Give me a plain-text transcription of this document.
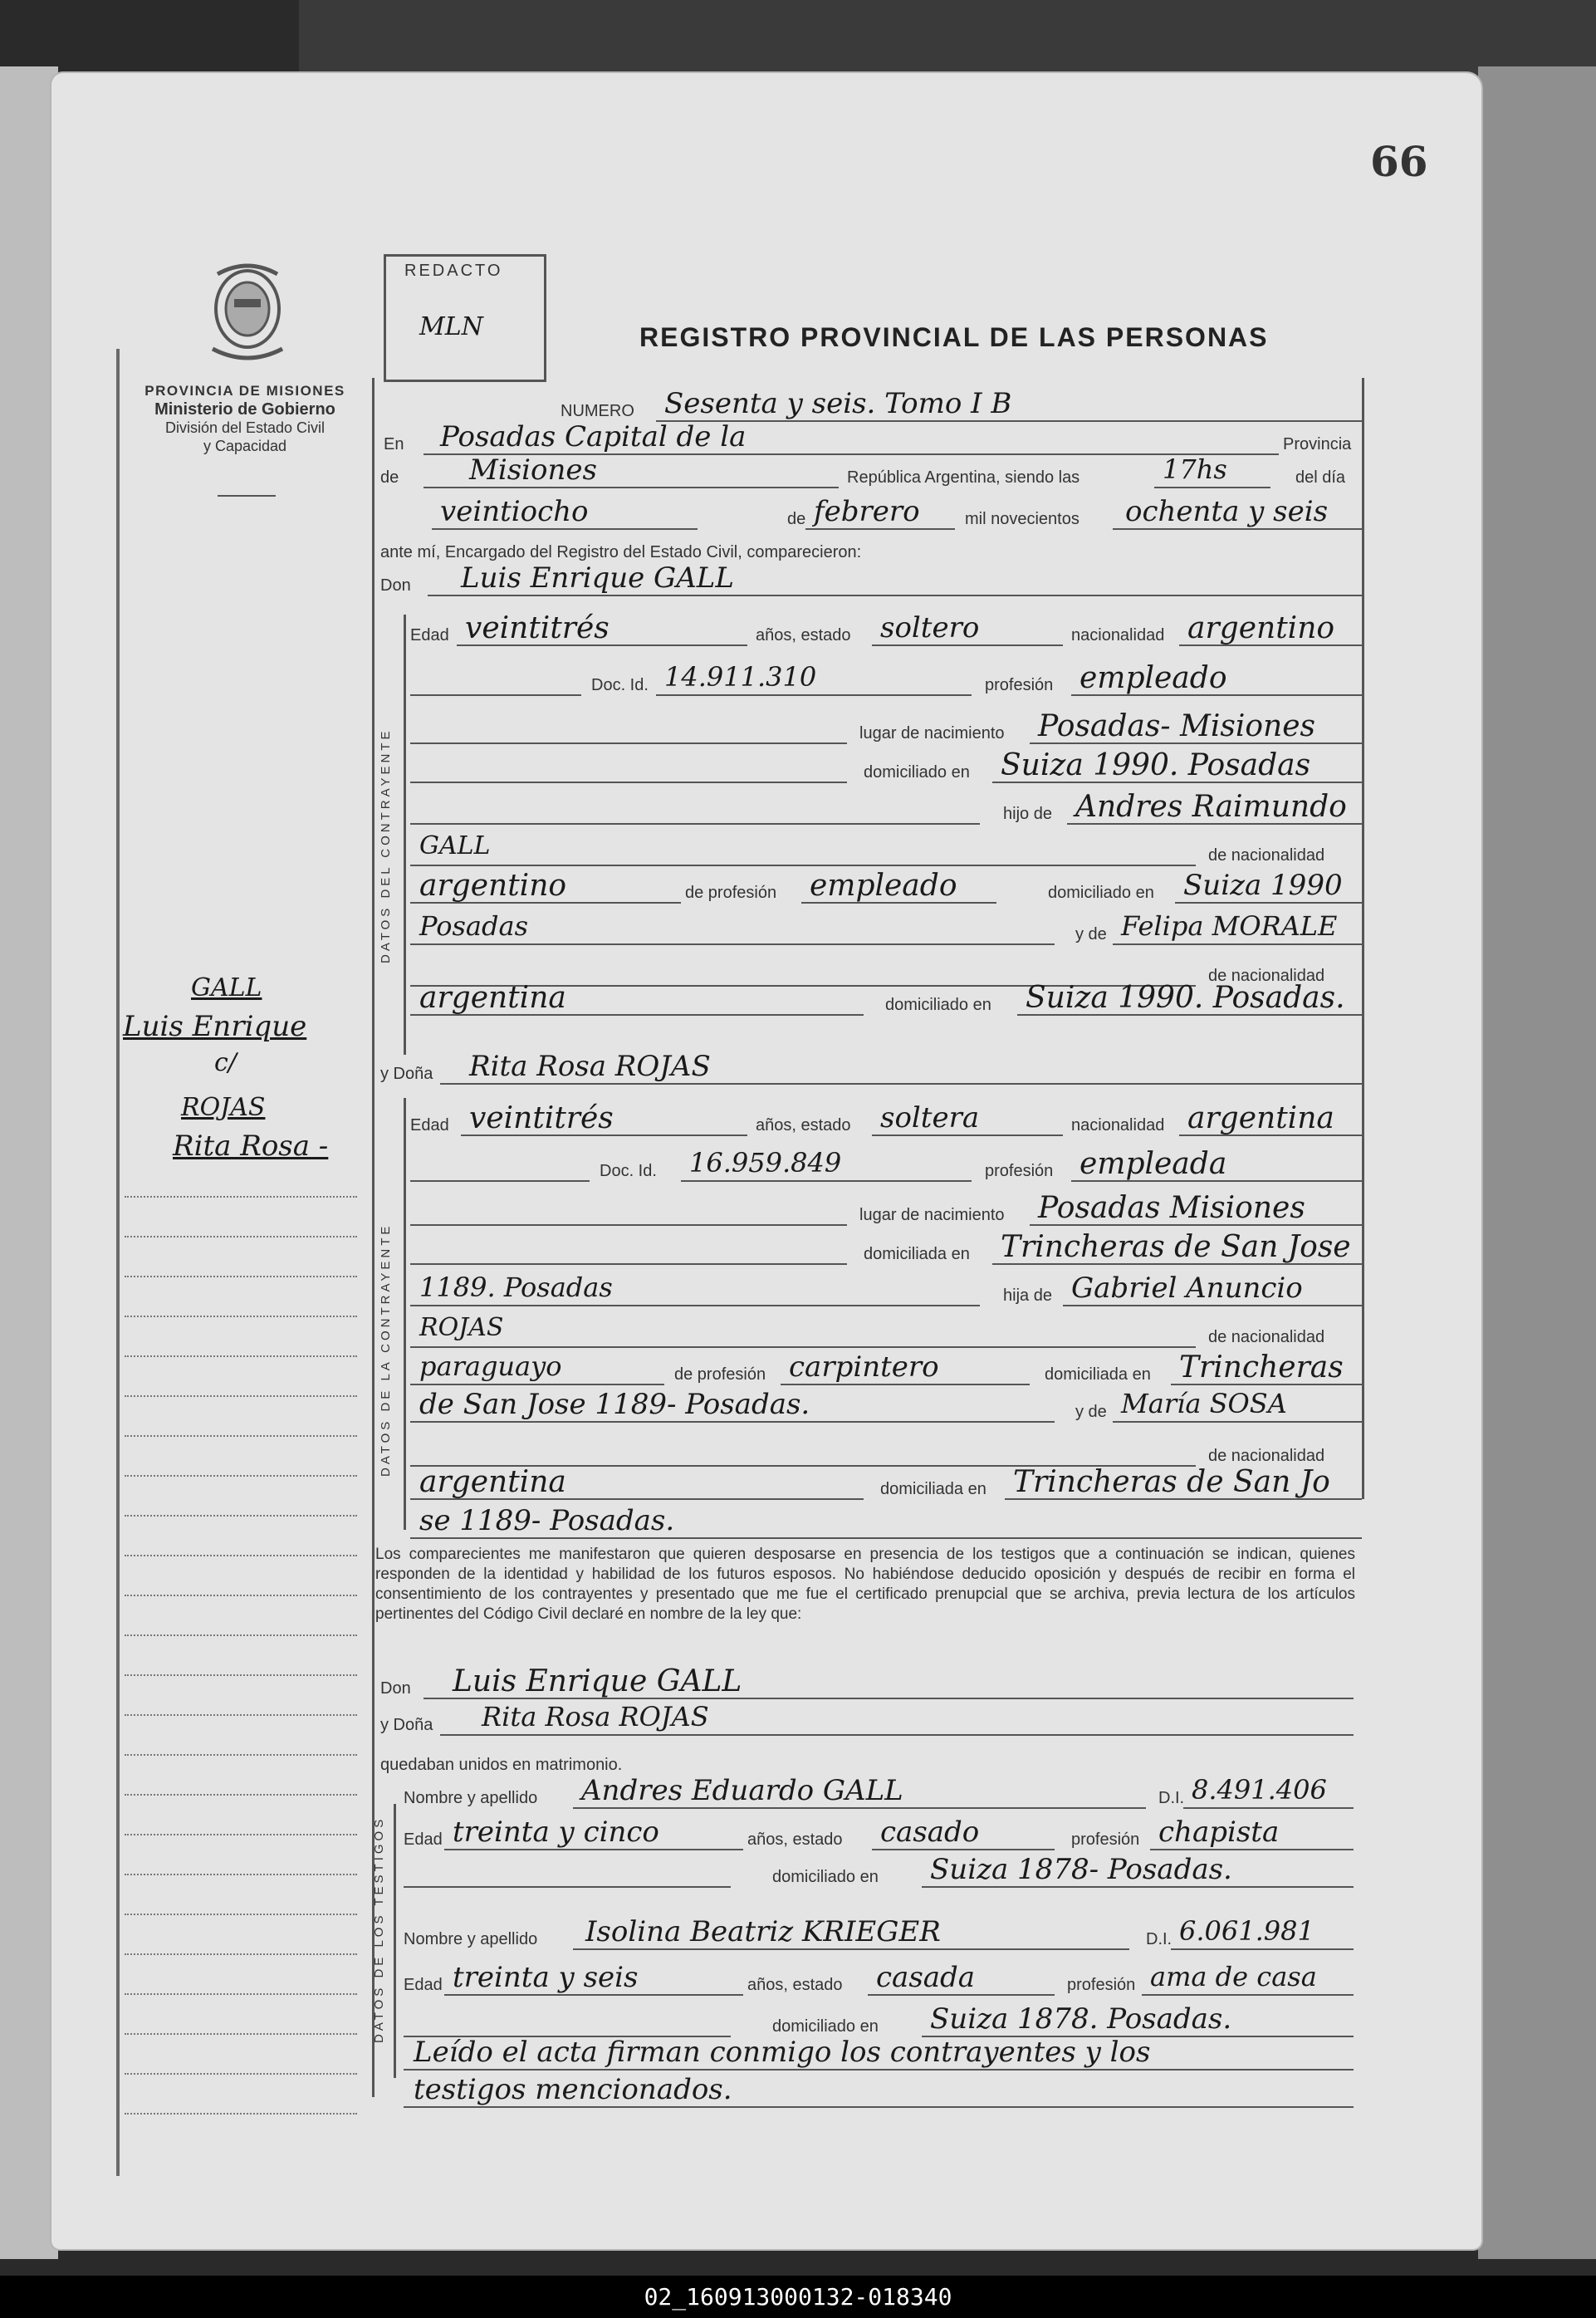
66
PROVINCIA DE MISIONES
Ministerio de Gobierno
División del Estado Civil
y Capacidad
REDACTO
MLN	REGISTRO PROVINCIAL DE LAS PERSONAS
GALL
Luis Enrique
c/
ROJAS
Rita Rosa -
DATOS DEL CONTRAYENTE
DATOS DE LA CONTRAYENTE
DATOS DE LOS TESTIGOS
NUMERO Sesenta y seis. Tomo I B
En Posadas Capital de la	Provincia
de Misiones	República Argentina, siendo las	17hs	del día
veintiocho	de febrero	mil novecientos ochenta y seis
ante mí, Encargado del Registro del Estado Civil, comparecieron:
Don Luis Enrique GALL
Edad veintitrés	años, estado soltero	nacionalidad argentino
Doc. Id. 14.911.310	profesión empleado
lugar de nacimiento Posadas- Misiones
domiciliado en Suiza 1990. Posadas
hijo de Andres Raimundo
GALL	de nacionalidad
argentino	de profesión empleado	domiciliado en Suiza 1990
Posadas	y de Felipa MORALE
de nacionalidad
argentina	domiciliado en Suiza 1990. Posadas.
y Doña Rita Rosa ROJAS
Edad veintitrés	años, estado soltera	nacionalidad argentina
Doc. Id. 16.959.849	profesión empleada
lugar de nacimiento Posadas Misiones
domiciliada en Trincheras de San Jose
1189. Posadas	hija de Gabriel Anuncio
ROJAS	de nacionalidad
paraguayo	de profesión carpintero	domiciliada en Trincheras
de San Jose 1189- Posadas.	y de María SOSA
de nacionalidad
argentina	domiciliada en Trincheras de San Jo
se 1189- Posadas.
Don Luis Enrique GALL
y Doña Rita Rosa ROJAS
quedaban unidos en matrimonio.
Nombre y apellido Andres Eduardo GALL	D.I. 8.491.406
Edad treinta y cinco	años, estado casado	profesión chapista
domiciliado en Suiza 1878- Posadas.
Nombre y apellido Isolina Beatriz KRIEGER	D.I. 6.061.981
Edad treinta y seis	años, estado casada	profesión ama de casa
domiciliado en Suiza 1878. Posadas.
Leído el acta firman conmigo los contrayentes y los
testigos mencionados.
Los comparecientes me manifestaron que quieren desposarse en presencia de los testigos que a continuación se indican, quienes responden de la identidad y habilidad de los futuros esposos. No habiéndose deducido oposición y después de recibir en forma el consentimiento de los contrayentes y presentado que me fue el certificado prenupcial que se archiva, previa lectura de los artículos pertinentes del Código Civil declaré en nombre de la ley que:
02_160913000132-018340
